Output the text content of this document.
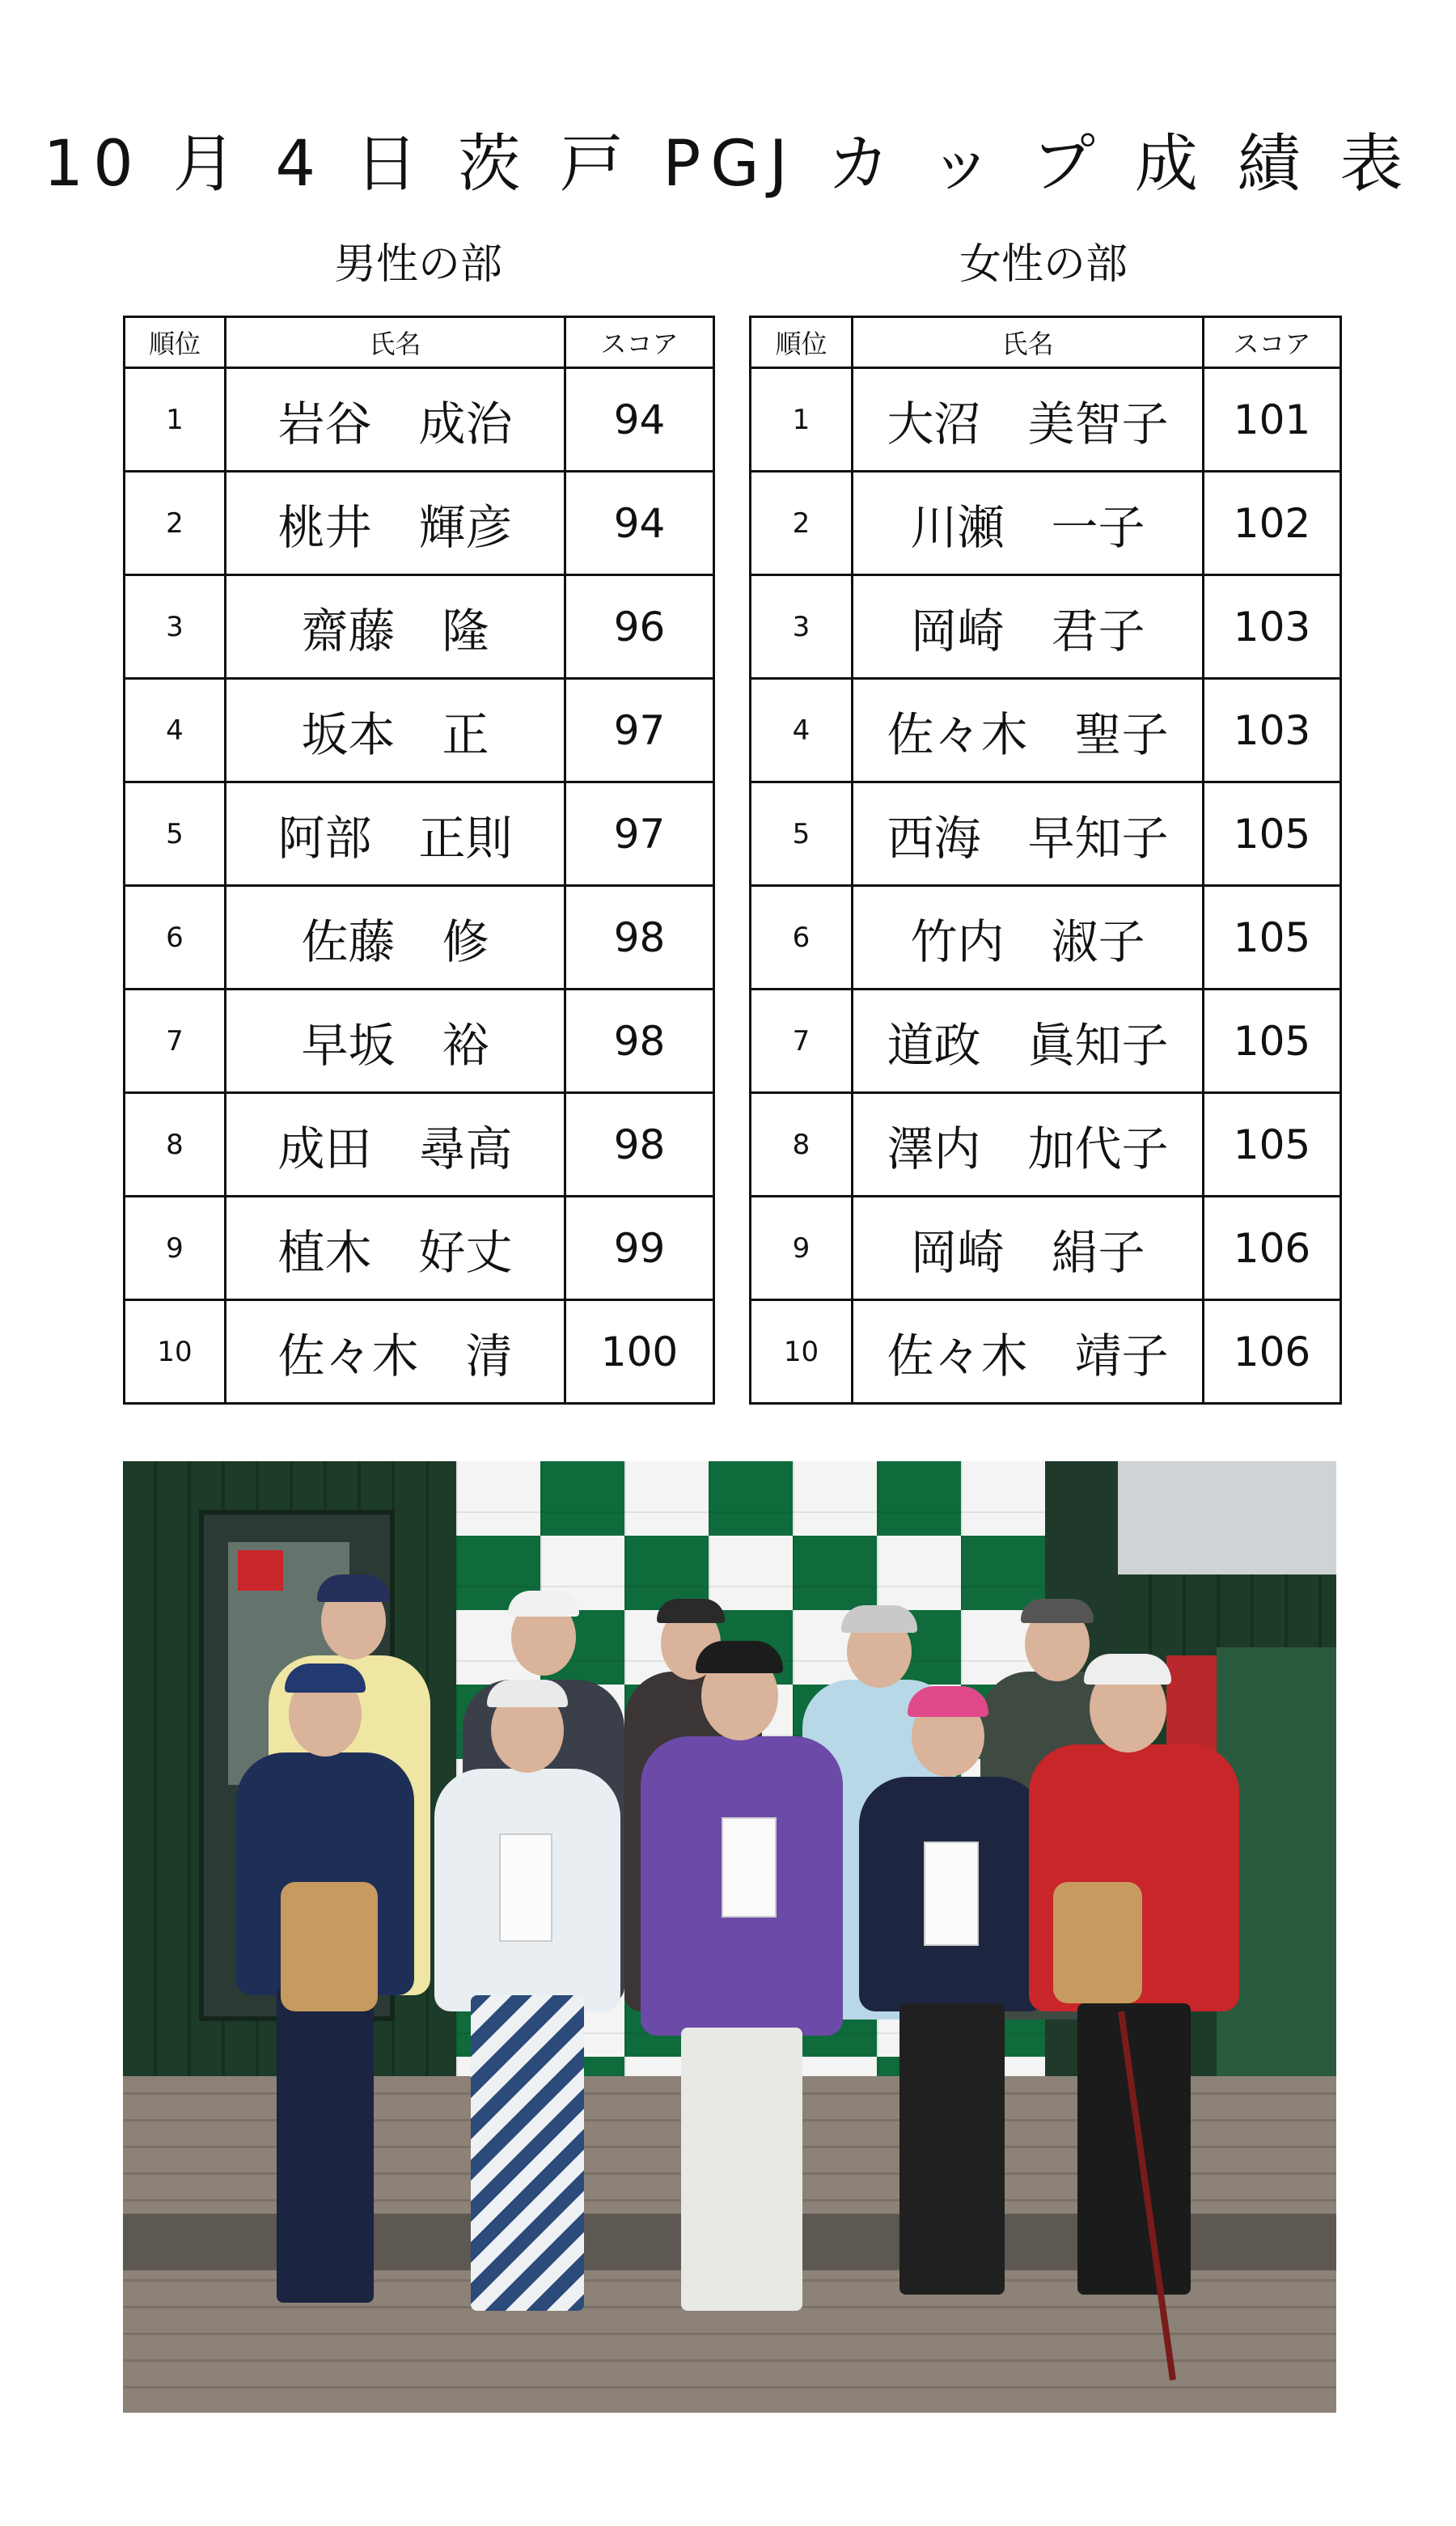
10 月 4 日 茨 戸 PGJ カ ッ プ 成 績 表
男性の部	女性の部
順位	氏名	スコア
1	岩谷　成治	94
2	桃井　輝彦	94
3	齋藤　隆	96
4	坂本　正	97
5	阿部　正則	97
6	佐藤　修	98
7	早坂　裕	98
8	成田　尋高	98
9	植木　好丈	99
10	佐々木　清	100
順位	氏名	スコア
1	大沼　美智子	101
2	川瀬　一子	102
3	岡崎　君子	103
4	佐々木　聖子	103
5	西海　早知子	105
6	竹内　淑子	105
7	道政　眞知子	105
8	澤内　加代子	105
9	岡崎　絹子	106
10	佐々木　靖子	106
